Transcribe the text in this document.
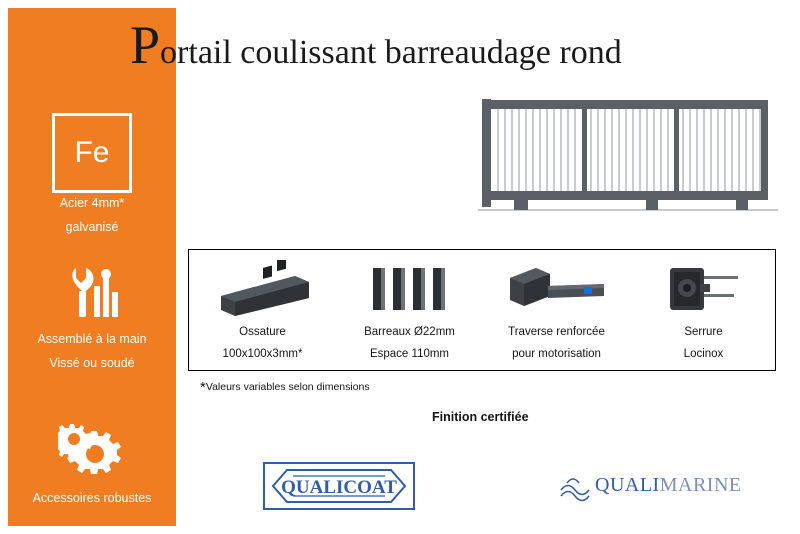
Fe
Acier 4mm*
galvanisé
Assemblé à la main
Vissé ou soudé
Accessoires robustes
Portail coulissant barreaudage rond
Ossature
100x100x3mm*
Barreaux Ø22mm
Espace 110mm
Traverse renforcée
pour motorisation
Serrure
Locinox
*Valeurs variables selon dimensions
Finition certifiée
QUALICOAT	QUALIMARINE
